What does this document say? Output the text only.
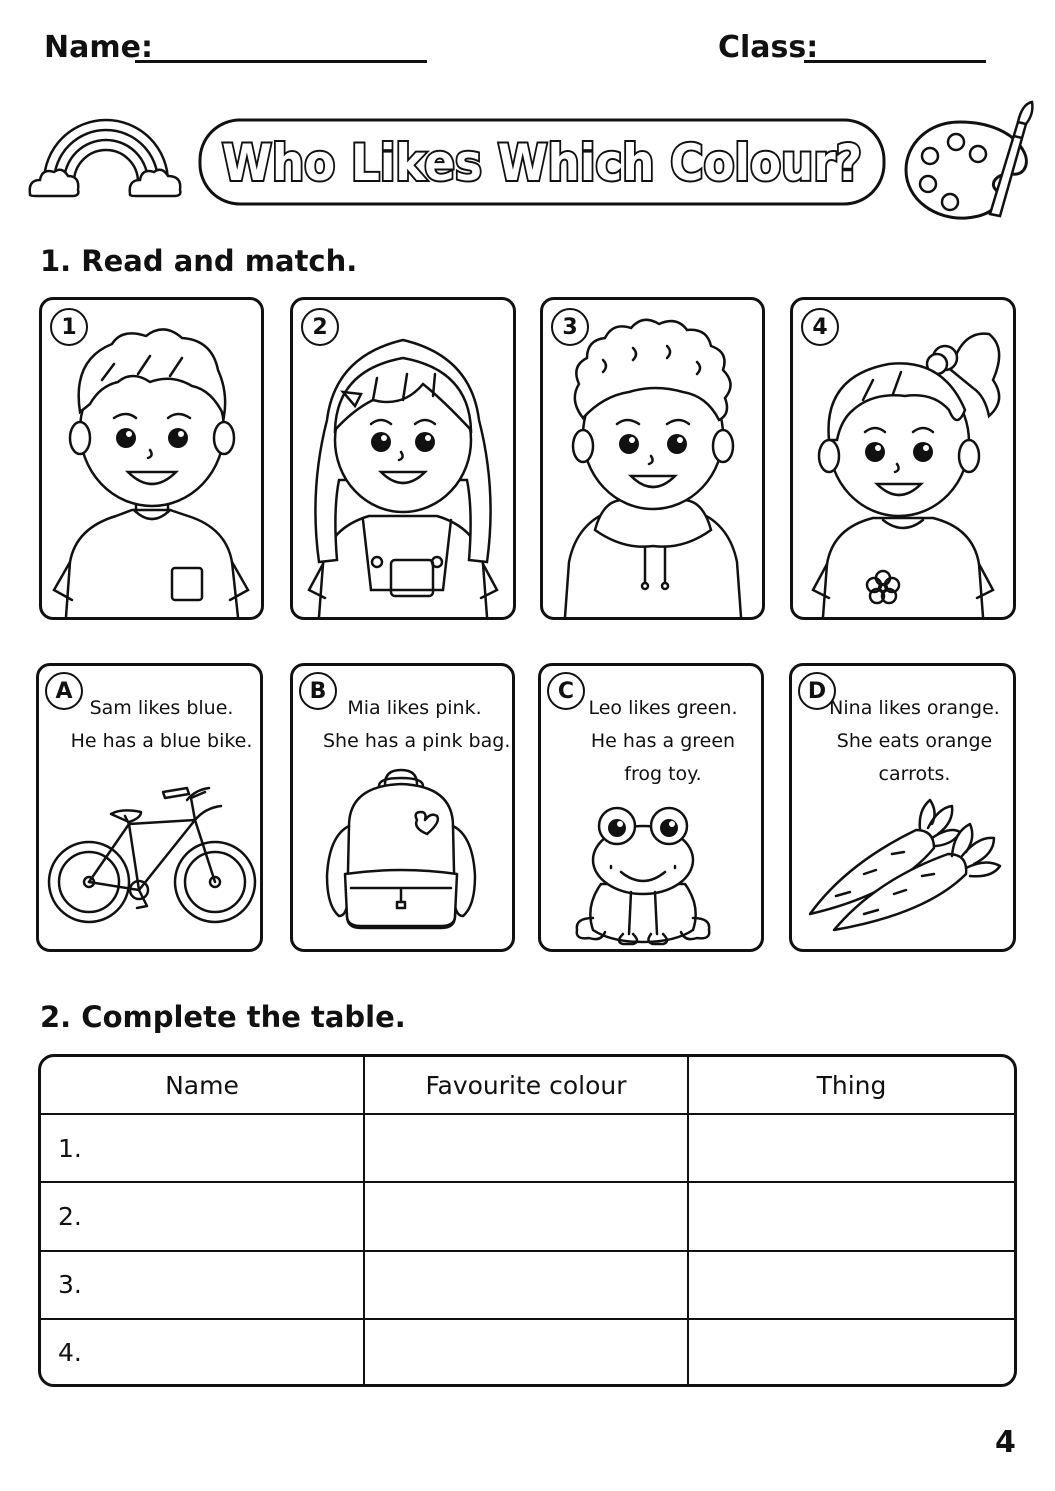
Name:	Class:
Who Likes Which Colour?
1. Read and match.
1	2	3	4
A
Sam likes blue.
He has a blue bike.
B
Mia likes pink.
She has a pink bag.
C
Leo likes green.
He has a green
frog toy.
D
Nina likes orange.
She eats orange
carrots.
2. Complete the table.
Name	Favourite colour	Thing
1.		
2.		
3.		
4.		
4
